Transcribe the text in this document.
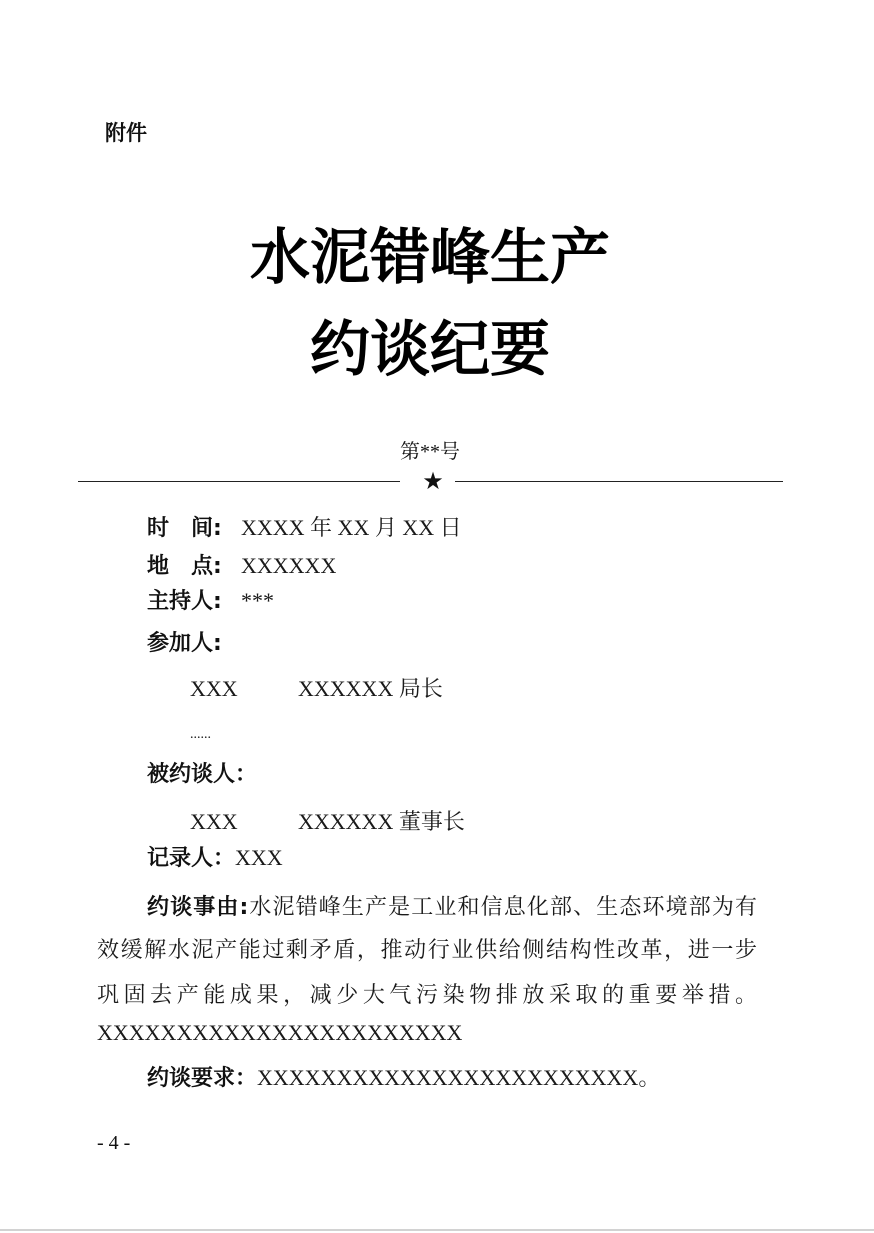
附件
水泥错峰生产
约谈纪要
第**号
★
时　间: XXXX 年 XX 月 XX 日
地　点: XXXXXX
主持人: ***
参加人:
XXX	XXXXXX 局长
......
被约谈人：
XXX	XXXXXX 董事长
记录人：XXX
约谈事由:水泥错峰生产是工业和信息化部、生态环境部为有
效缓解水泥产能过剩矛盾，推动行业供给侧结构性改革，进一步
巩固去产能成果，减少大气污染物排放采取的重要举措。
XXXXXXXXXXXXXXXXXXXXXXX
约谈要求：XXXXXXXXXXXXXXXXXXXXXXXX。
- 4 -
